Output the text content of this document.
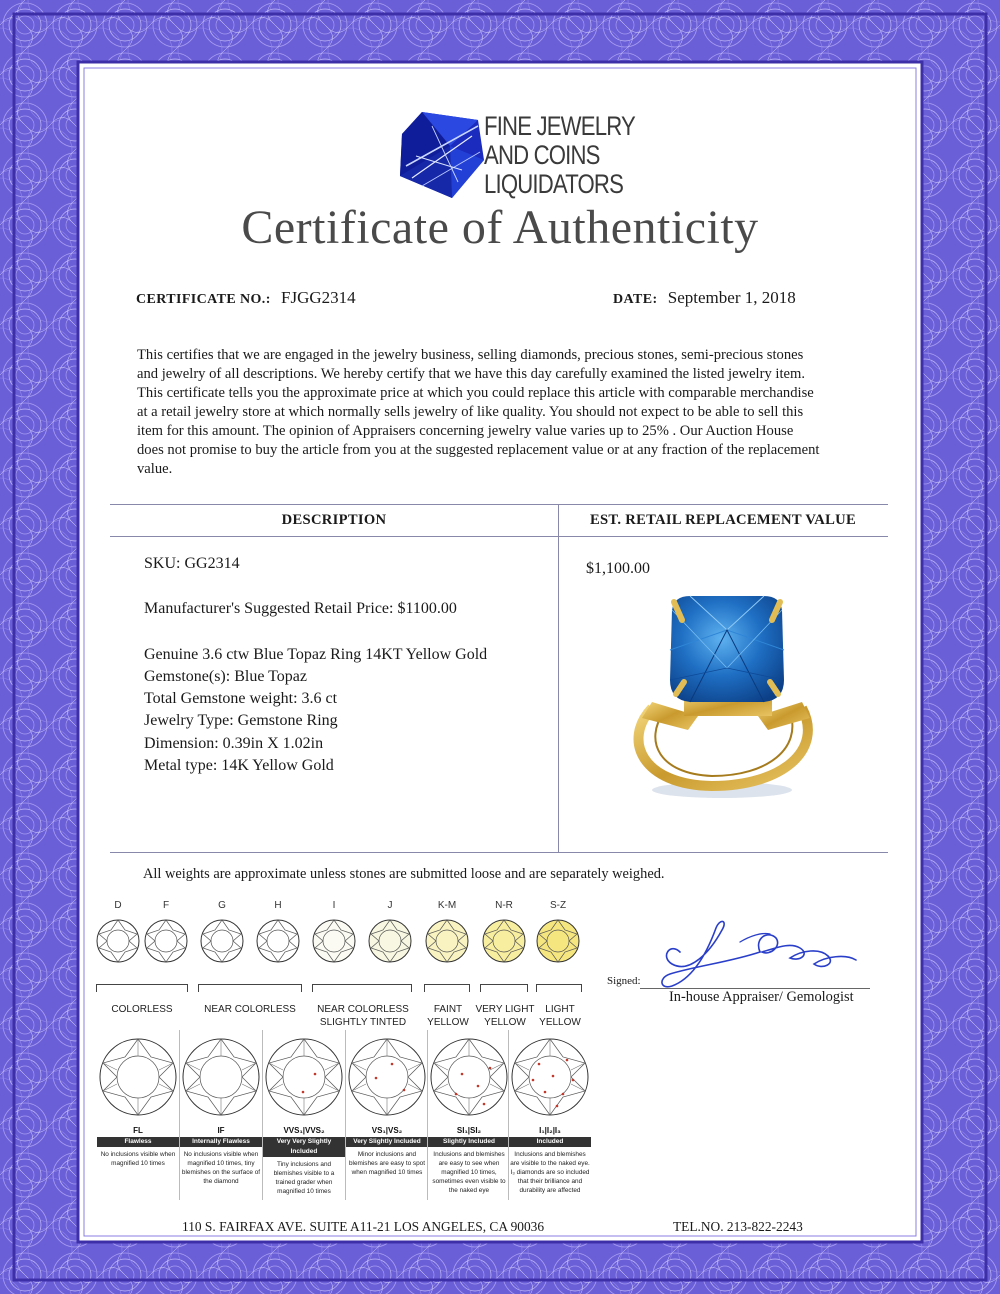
FINE JEWELRY
AND COINS
LIQUIDATORS
Certificate of Authenticity
CERTIFICATE NO.: FJGG2314	DATE: September 1, 2018
This certifies that we are engaged in the jewelry business, selling diamonds, precious stones, semi-precious stones
and jewelry of all descriptions. We hereby certify that we have this day carefully examined the listed jewelry item.
This certificate tells you the approximate price at which you could replace this article with comparable merchandise
at a retail jewelry store at which normally sells jewelry of like quality. You should not expect to be able to sell this
item for this amount. The opinion of Appraisers concerning jewelry value varies up to 25% . Our Auction House
does not promise to buy the article from you at the suggested replacement value or at any fraction of the replacement
value.
DESCRIPTION	EST. RETAIL REPLACEMENT VALUE
SKU: GG2314
Manufacturer's Suggested Retail Price: $1100.00
Genuine 3.6 ctw Blue Topaz Ring 14KT Yellow Gold
Gemstone(s): Blue Topaz
Total Gemstone weight: 3.6 ct
Jewelry Type: Gemstone Ring
Dimension: 0.39in X 1.02in
Metal type: 14K Yellow Gold
$1,100.00
All weights are approximate unless stones are submitted loose and are separately weighed.
D	F	G	H	I	J	K-M	N-R	S-Z
COLORLESS	NEAR COLORLESS	NEAR COLORLESS
SLIGHTLY TINTED
FAINT
YELLOW
VERY LIGHT
YELLOW
LIGHT
YELLOW
FL
Flawless
No inclusions visible when magnified 10 times
IF
Internally Flawless
No inclusions visible when magnified 10 times, tiny blemishes on the surface of the diamond
VVS₁|VVS₂
Very Very Slightly Included
Tiny inclusions and blemishes visible to a trained grader when magnified 10 times
VS₁|VS₂
Very Slightly Included
Minor inclusions and blemishes are easy to spot when magnified 10 times
SI₁|SI₂
Slightly Included
Inclusions and blemishes are easy to see when magnified 10 times, sometimes even visible to the naked eye
I₁|I₂|I₃
Included
Inclusions and blemishes are visible to the naked eye. I₃ diamonds are so included that their brilliance and durability are affected
Signed:
In-house Appraiser/ Gemologist
110 S. FAIRFAX AVE. SUITE A11-21 LOS ANGELES, CA 90036	TEL.NO. 213-822-2243
